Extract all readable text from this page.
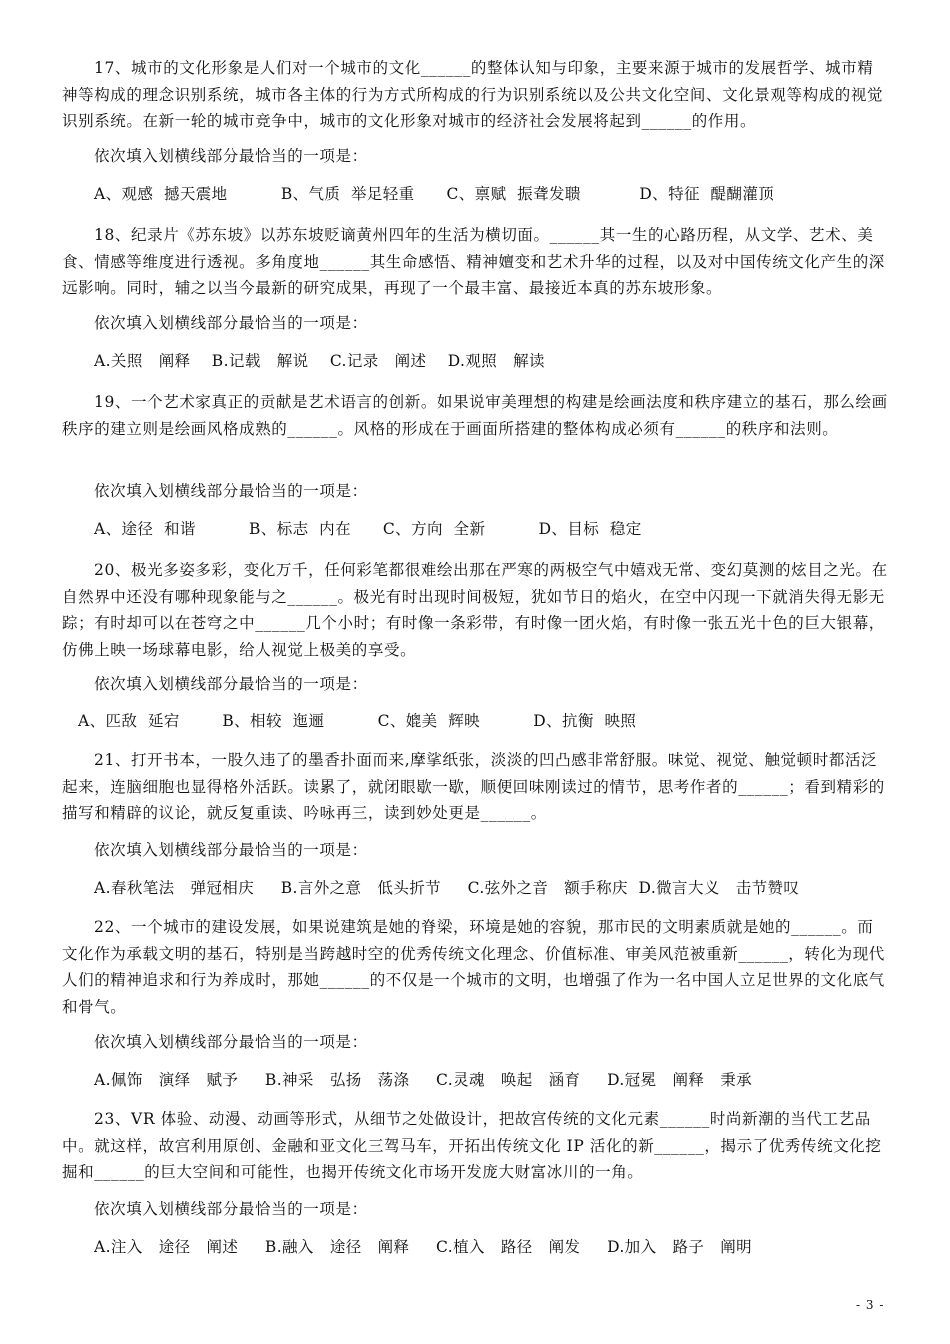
17、城市的文化形象是人们对一个城市的文化______的整体认知与印象，主要来源于城市的发展哲学、城市精神等构成的理念识别系统，城市各主体的行为方式所构成的行为识别系统以及公共文化空间、文化景观等构成的视觉识别系统。在新一轮的城市竞争中，城市的文化形象对城市的经济社会发展将起到______的作用。

依次填入划横线部分最恰当的一项是：

A、观感  撼天震地          B、气质  举足轻重      C、禀赋  振聋发聩           D、特征  醍醐灌顶

18、纪录片《苏东坡》以苏东坡贬谪黄州四年的生活为横切面。______其一生的心路历程，从文学、艺术、美食、情感等维度进行透视。多角度地______其生命感悟、精神嬗变和艺术升华的过程，以及对中国传统文化产生的深远影响。同时，辅之以当今最新的研究成果，再现了一个最丰富、最接近本真的苏东坡形象。

依次填入划横线部分最恰当的一项是：

A.关照   阐释    B.记载   解说    C.记录   阐述    D.观照   解读

19、一个艺术家真正的贡献是艺术语言的创新。如果说审美理想的构建是绘画法度和秩序建立的基石，那么绘画秩序的建立则是绘画风格成熟的______。风格的形成在于画面所搭建的整体构成必须有______的秩序和法则。

依次填入划横线部分最恰当的一项是：

A、途径  和谐          B、标志  内在      C、方向  全新          D、目标  稳定

20、极光多姿多彩，变化万千，任何彩笔都很难绘出那在严寒的两极空气中嬉戏无常、变幻莫测的炫目之光。在自然界中还没有哪种现象能与之______。极光有时出现时间极短，犹如节日的焰火，在空中闪现一下就消失得无影无踪；有时却可以在苍穹之中______几个小时；有时像一条彩带，有时像一团火焰，有时像一张五光十色的巨大银幕，仿佛上映一场球幕电影，给人视觉上极美的享受。

依次填入划横线部分最恰当的一项是：

A、匹敌  延宕        B、相较  迤逦          C、媲美  辉映          D、抗衡  映照

21、打开书本，一股久违了的墨香扑面而来,摩挲纸张，淡淡的凹凸感非常舒服。味觉、视觉、触觉顿时都活泛起来，连脑细胞也显得格外活跃。读累了，就闭眼歇一歇，顺便回味刚读过的情节，思考作者的______；看到精彩的描写和精辟的议论，就反复重读、吟咏再三，读到妙处更是______。

依次填入划横线部分最恰当的一项是：

A.春秋笔法   弹冠相庆     B.言外之意   低头折节     C.弦外之音   额手称庆  D.微言大义   击节赞叹

22、一个城市的建设发展，如果说建筑是她的脊梁，环境是她的容貌，那市民的文明素质就是她的______。而文化作为承载文明的基石，特别是当跨越时空的优秀传统文化理念、价值标准、审美风范被重新______，转化为现代人们的精神追求和行为养成时，那她______的不仅是一个城市的文明，也增强了作为一名中国人立足世界的文化底气和骨气。

依次填入划横线部分最恰当的一项是：

A.佩饰   演绎   赋予     B.神采   弘扬   荡涤     C.灵魂   唤起   涵育     D.冠冕   阐释   秉承

23、VR 体验、动漫、动画等形式，从细节之处做设计，把故宫传统的文化元素______时尚新潮的当代工艺品中。就这样，故宫利用原创、金融和亚文化三驾马车，开拓出传统文化 IP 活化的新______，揭示了优秀传统文化挖掘和______的巨大空间和可能性，也揭开传统文化市场开发庞大财富冰川的一角。

依次填入划横线部分最恰当的一项是：

A.注入   途径   阐述     B.融入   途径   阐释     C.植入   路径   阐发     D.加入   路子   阐明

- 3 -
